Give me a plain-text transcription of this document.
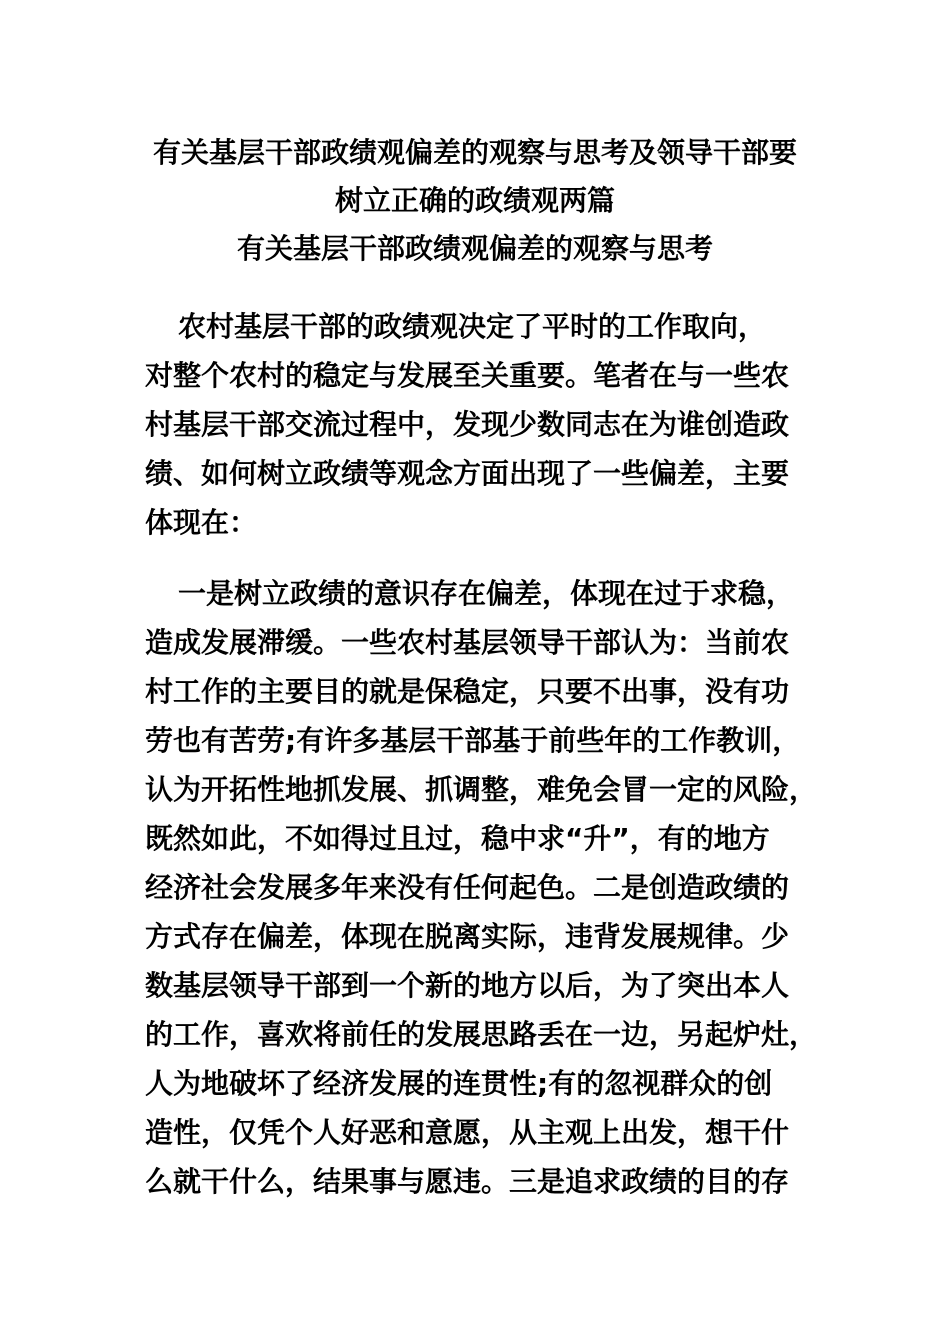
有关基层干部政绩观偏差的观察与思考及领导干部要
树立正确的政绩观两篇
有关基层干部政绩观偏差的观察与思考
农村基层干部的政绩观决定了平时的工作取向，
对整个农村的稳定与发展至关重要。笔者在与一些农
村基层干部交流过程中，发现少数同志在为谁创造政
绩、如何树立政绩等观念方面出现了一些偏差，主要
体现在：
一是树立政绩的意识存在偏差，体现在过于求稳，
造成发展滞缓。一些农村基层领导干部认为：当前农
村工作的主要目的就是保稳定，只要不出事，没有功
劳也有苦劳;有许多基层干部基于前些年的工作教训，
认为开拓性地抓发展、抓调整，难免会冒一定的风险，
既然如此，不如得过且过，稳中求“升”，有的地方
经济社会发展多年来没有任何起色。二是创造政绩的
方式存在偏差，体现在脱离实际，违背发展规律。少
数基层领导干部到一个新的地方以后，为了突出本人
的工作，喜欢将前任的发展思路丢在一边，另起炉灶，
人为地破坏了经济发展的连贯性;有的忽视群众的创
造性，仅凭个人好恶和意愿，从主观上出发，想干什
么就干什么，结果事与愿违。三是追求政绩的目的存
